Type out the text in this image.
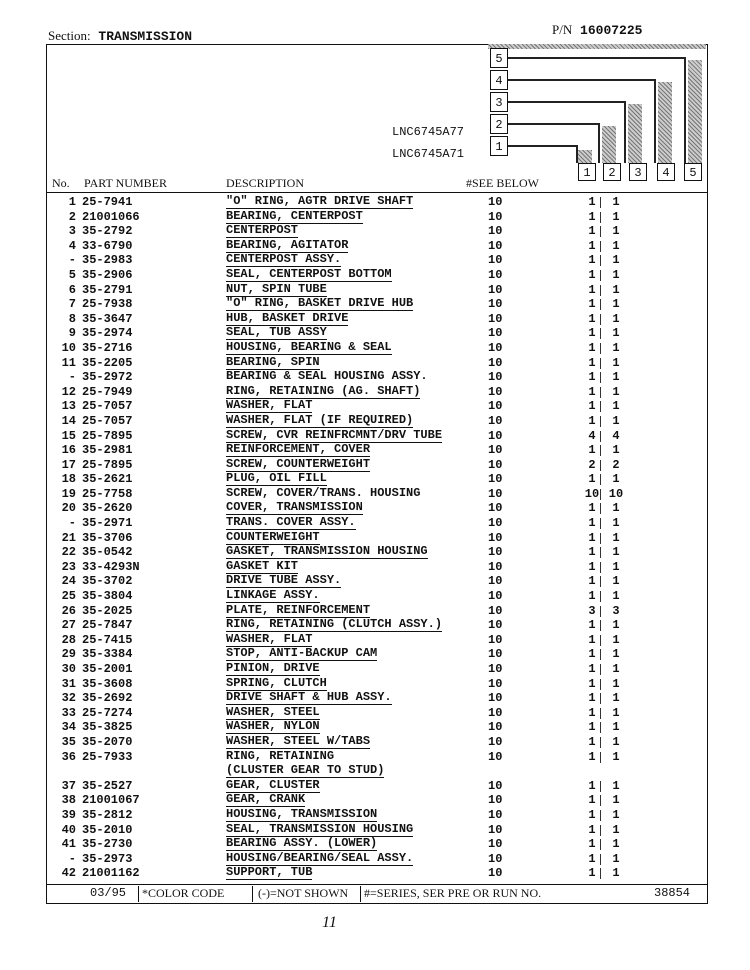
Section: TRANSMISSION	P/N 16007225
5
4
3
2
1
1	2	3	4	5
LNC6745A77
LNC6745A71
No. PART NUMBER	DESCRIPTION	#SEE BELOW
1 25-7941	"O" RING, AGTR DRIVE SHAFT	10	1	1
2 21001066	BEARING, CENTERPOST	10	1	1
3 35-2792	CENTERPOST	10	1	1
4 33-6790	BEARING, AGITATOR	10	1	1
- 35-2983	CENTERPOST ASSY.	10	1	1
5 35-2906	SEAL, CENTERPOST BOTTOM	10	1	1
6 35-2791	NUT, SPIN TUBE	10	1	1
7 25-7938	"O" RING, BASKET DRIVE HUB	10	1	1
8 35-3647	HUB, BASKET DRIVE	10	1	1
9 35-2974	SEAL, TUB ASSY	10	1	1
10 35-2716	HOUSING, BEARING & SEAL	10	1	1
11 35-2205	BEARING, SPIN	10	1	1
- 35-2972	BEARING & SEAL HOUSING ASSY.	10	1	1
12 25-7949	RING, RETAINING (AG. SHAFT)	10	1	1
13 25-7057	WASHER, FLAT	10	1	1
14 25-7057	WASHER, FLAT (IF REQUIRED)	10	1	1
15 25-7895	SCREW, CVR REINFRCMNT/DRV TUBE	10	4	4
16 35-2981	REINFORCEMENT, COVER	10	1	1
17 25-7895	SCREW, COUNTERWEIGHT	10	2	2
18 35-2621	PLUG, OIL FILL	10	1	1
19 25-7758	SCREW, COVER/TRANS. HOUSING	10	10 10
20 35-2620	COVER, TRANSMISSION	10	1	1
- 35-2971	TRANS. COVER ASSY.	10	1	1
21 35-3706	COUNTERWEIGHT	10	1	1
22 35-0542	GASKET, TRANSMISSION HOUSING	10	1	1
23 33-4293N	GASKET KIT	10	1	1
24 35-3702	DRIVE TUBE ASSY.	10	1	1
25 35-3804	LINKAGE ASSY.	10	1	1
26 35-2025	PLATE, REINFORCEMENT	10	3	3
27 25-7847	RING, RETAINING (CLUTCH ASSY.)	10	1	1
28 25-7415	WASHER, FLAT	10	1	1
29 35-3384	STOP, ANTI-BACKUP CAM	10	1	1
30 35-2001	PINION, DRIVE	10	1	1
31 35-3608	SPRING, CLUTCH	10	1	1
32 35-2692	DRIVE SHAFT & HUB ASSY.	10	1	1
33 25-7274	WASHER, STEEL	10	1	1
34 35-3825	WASHER, NYLON	10	1	1
35 35-2070	WASHER, STEEL W/TABS	10	1	1
36 25-7933	RING, RETAINING	10	1	1
(CLUSTER GEAR TO STUD)
37 35-2527	GEAR, CLUSTER	10	1	1
38 21001067	GEAR, CRANK	10	1	1
39 35-2812	HOUSING, TRANSMISSION	10	1	1
40 35-2010	SEAL, TRANSMISSION HOUSING	10	1	1
41 35-2730	BEARING ASSY. (LOWER)	10	1	1
- 35-2973	HOUSING/BEARING/SEAL ASSY.	10	1	1
42 21001162	SUPPORT, TUB	10	1	1
03/95 *COLOR CODE	(-)=NOT SHOWN #=SERIES, SER PRE OR RUN NO.	38854
11
